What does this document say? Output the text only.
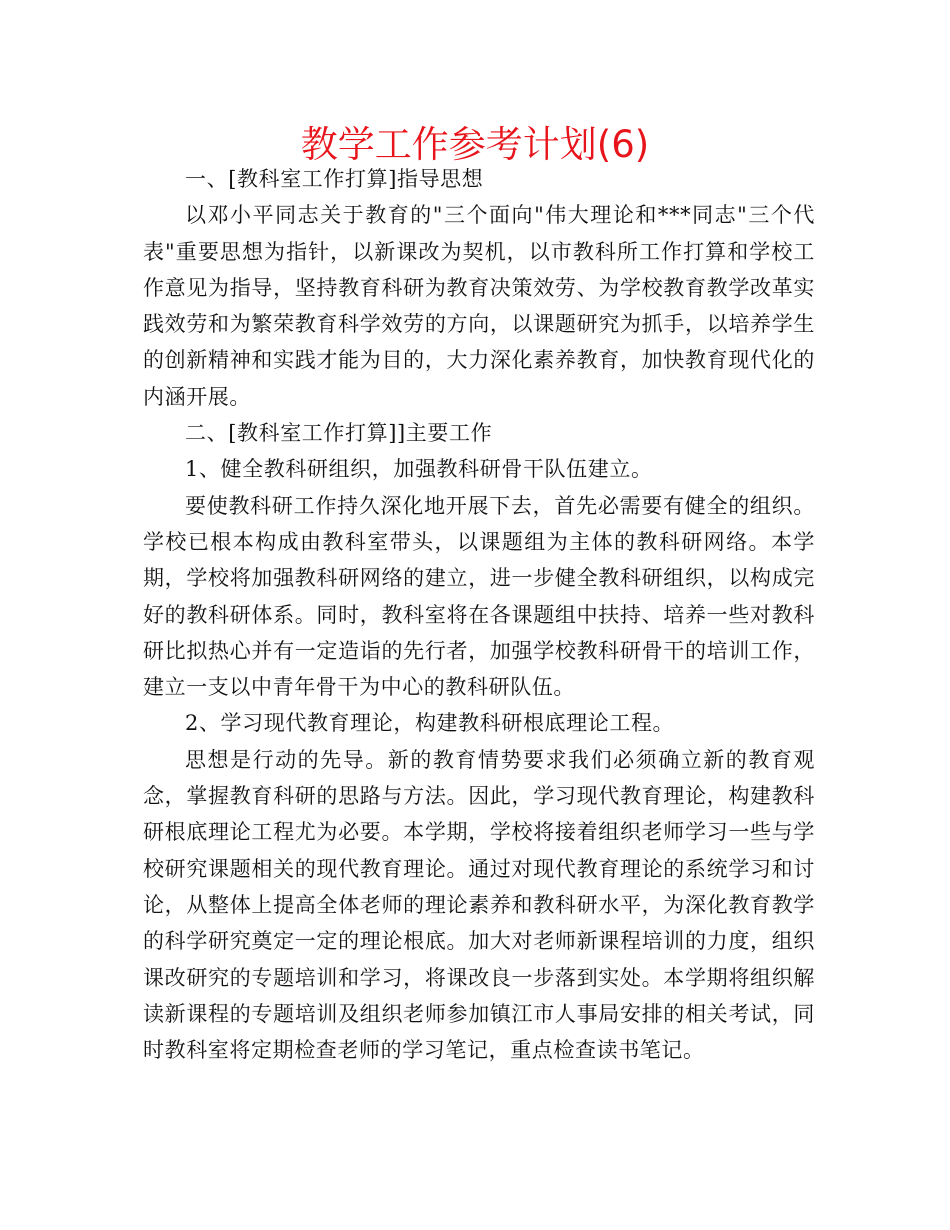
教学工作参考计划(6)

一、[教科室工作打算]指导思想

以邓小平同志关于教育的"三个面向"伟大理论和***同志"三个代表"重要思想为指针，以新课改为契机，以市教科所工作打算和学校工作意见为指导，坚持教育科研为教育决策效劳、为学校教育教学改革实践效劳和为繁荣教育科学效劳的方向，以课题研究为抓手，以培养学生的创新精神和实践才能为目的，大力深化素养教育，加快教育现代化的内涵开展。

二、[教科室工作打算]]主要工作

1、健全教科研组织，加强教科研骨干队伍建立。

要使教科研工作持久深化地开展下去，首先必需要有健全的组织。学校已根本构成由教科室带头，以课题组为主体的教科研网络。本学期，学校将加强教科研网络的建立，进一步健全教科研组织，以构成完好的教科研体系。同时，教科室将在各课题组中扶持、培养一些对教科研比拟热心并有一定造诣的先行者，加强学校教科研骨干的培训工作，建立一支以中青年骨干为中心的教科研队伍。

2、学习现代教育理论，构建教科研根底理论工程。

思想是行动的先导。新的教育情势要求我们必须确立新的教育观念，掌握教育科研的思路与方法。因此，学习现代教育理论，构建教科研根底理论工程尤为必要。本学期，学校将接着组织老师学习一些与学校研究课题相关的现代教育理论。通过对现代教育理论的系统学习和讨论，从整体上提高全体老师的理论素养和教科研水平，为深化教育教学的科学研究奠定一定的理论根底。加大对老师新课程培训的力度，组织课改研究的专题培训和学习，将课改良一步落到实处。本学期将组织解读新课程的专题培训及组织老师参加镇江市人事局安排的相关考试，同时教科室将定期检查老师的学习笔记，重点检查读书笔记。
